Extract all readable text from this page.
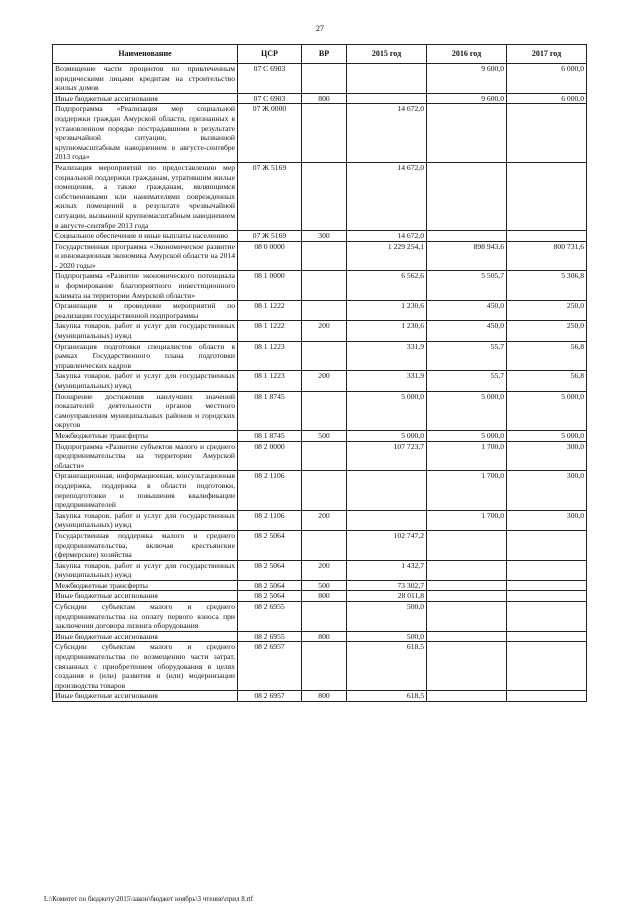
27
Наименование	ЦСР	ВР	2015 год	2016 год	2017 год
Возмещение части процентов по привлеченным юридическими лицами кредитам на строительство жилых домов	07 С 6903			9 600,0	6 000,0
Иные бюджетные ассигнования	07 С 6903	800		9 600,0	6 000,0
Подпрограмма «Реализация мер социальной поддержки граждан Амурской области, признанных в установленном порядке пострадавшими в результате чрезвычайной ситуации, вызванной крупномасштабным наводнением в августе-сентябре 2013 года»	07 Ж 0000		14 672,0		
Реализация мероприятий по предоставлению мер социальной поддержки гражданам, утратившим жилые помещения, а также гражданам, являющимся собственниками или нанимателями поврежденных жилых помещений в результате чрезвычайной ситуации, вызванной крупномасштабным наводнением в августе-сентябре 2013 года	07 Ж 5169		14 672,0		
Социальное обеспечение и иные выплаты населению	07 Ж 5169	300	14 672,0		
Государственная программа «Экономическое развитие и инновационная экономика Амурской области на 2014 - 2020 годы»	08 0 0000		1 229 254,1	898 943,6	800 731,6
Подпрограмма «Развитие экономического потенциала и формирование благоприятного инвестиционного климата на территории Амурской области»	08 1 0000		6 562,6	5 505,7	5 306,8
Организация и проведение мероприятий по реализации государственной подпрограммы	08 1 1222		1 230,6	450,0	250,0
Закупка товаров, работ и услуг для государственных (муниципальных) нужд	08 1 1222	200	1 230,6	450,0	250,0
Организация подготовки специалистов области в рамках Государственного плана подготовки управленческих кадров	08 1 1223		331,9	55,7	56,8
Закупка товаров, работ и услуг для государственных (муниципальных) нужд	08 1 1223	200	331,9	55,7	56,8
Поощрение достижения наилучших значений показателей деятельности органов местного самоуправления муниципальных районов и городских округов	08 1 8745		5 000,0	5 000,0	5 000,0
Межбюджетные трансферты	08 1 8745	500	5 000,0	5 000,0	5 000,0
Подпрограмма «Развитие субъектов малого и среднего предпринимательства на территории Амурской области»	08 2 0000		107 723,7	1 700,0	300,0
Организационная, информационная, консультационная поддержка, поддержка в области подготовки, переподготовки и повышения квалификации предпринимателей	08 2 1106			1 700,0	300,0
Закупка товаров, работ и услуг для государственных (муниципальных) нужд	08 2 1106	200		1 700,0	300,0
Государственная поддержка малого и среднего предпринимательства, включая крестьянские (фермерские) хозяйства	08 2 5064		102 747,2		
Закупка товаров, работ и услуг для государственных (муниципальных) нужд	08 2 5064	200	1 432,7		
Межбюджетные трансферты	08 2 5064	500	73 302,7		
Иные бюджетные ассигнования	08 2 5064	800	28 011,8		
Субсидии субъектам малого и среднего предпринимательства на оплату первого взноса при заключении договора лизинга оборудования	08 2 6955		500,0		
Иные бюджетные ассигнования	08 2 6955	800	500,0		
Субсидии субъектам малого и среднего предпринимательства по возмещению части затрат, связанных с приобретением оборудования в целях создания и (или) развития и (или) модернизации производства товаров	08 2 6957		618,5		
Иные бюджетные ассигнования	08 2 6957	800	618,5		
L:\Комитет по бюджету\2015\закон\бюджет ноябрь\3 чтение\прил 8.rtf
